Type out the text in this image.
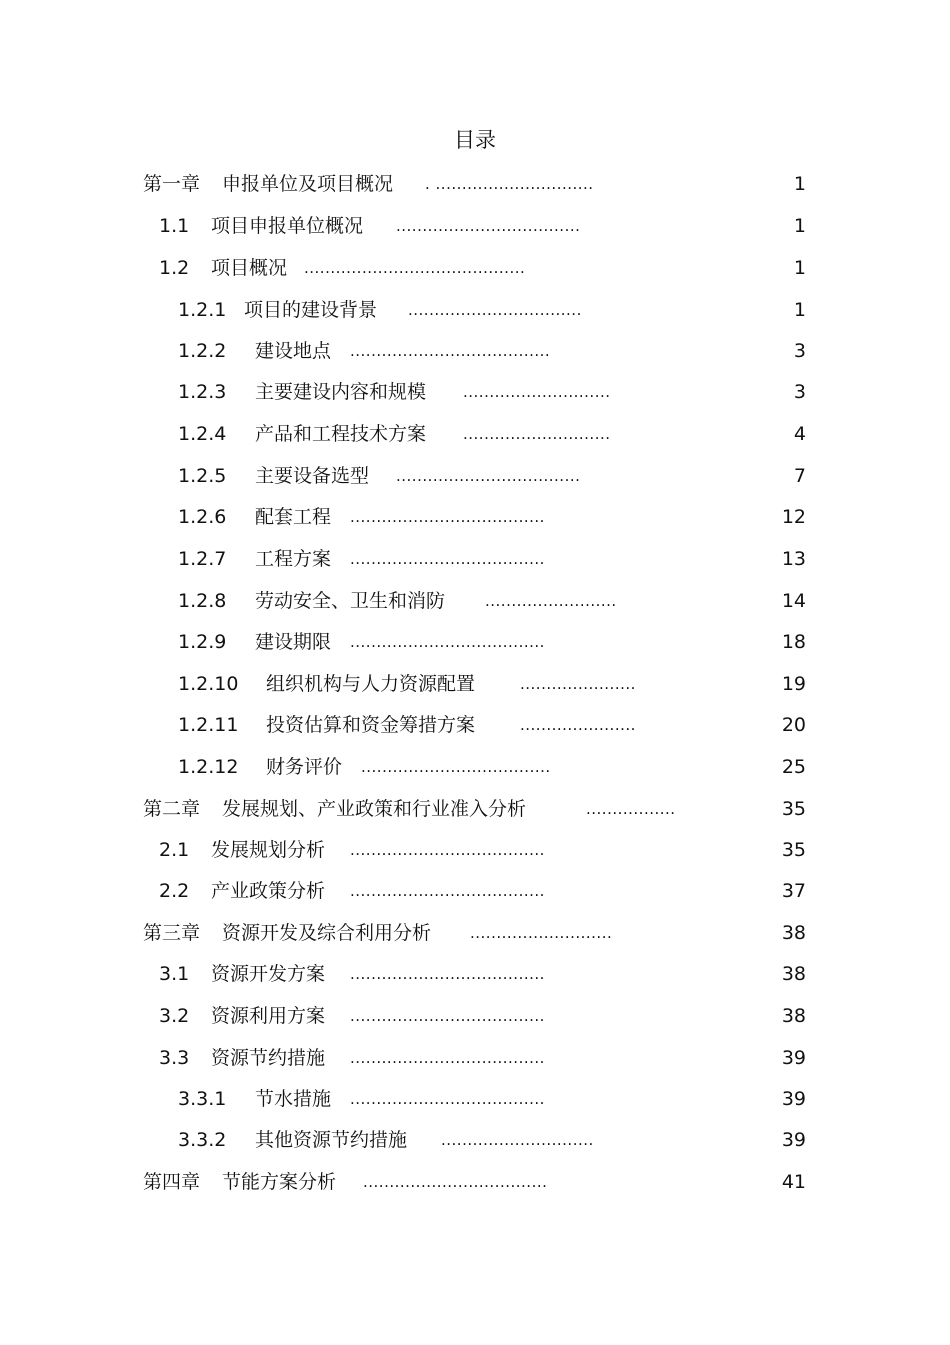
目录
第一章 申报单位及项目概况 . ..............................	1
1.1 项目申报单位概况 ...................................	1
1.2 项目概况 ..........................................	1
1.2.1 项目的建设背景 .................................	1
1.2.2 建设地点 ......................................	3
1.2.3 主要建设内容和规模 ............................	3
1.2.4 产品和工程技术方案 ............................	4
1.2.5 主要设备选型 ...................................	7
1.2.6 配套工程 .....................................	12
1.2.7 工程方案 .....................................	13
1.2.8 劳动安全、卫生和消防	.........................	14
1.2.9 建设期限 .....................................	18
1.2.10 组织机构与人力资源配置	......................	19
1.2.11 投资估算和资金筹措方案	......................	20
1.2.12 财务评价 ....................................	25
第二章 发展规划、产业政策和行业准入分析	.................	35
2.1 发展规划分析 .....................................	35
2.2 产业政策分析 .....................................	37
第三章 资源开发及综合利用分析	...........................	38
3.1 资源开发方案 .....................................	38
3.2 资源利用方案 .....................................	38
3.3 资源节约措施 .....................................	39
3.3.1 节水措施 .....................................	39
3.3.2 其他资源节约措施 .............................	39
第四章 节能方案分析 ...................................	41
